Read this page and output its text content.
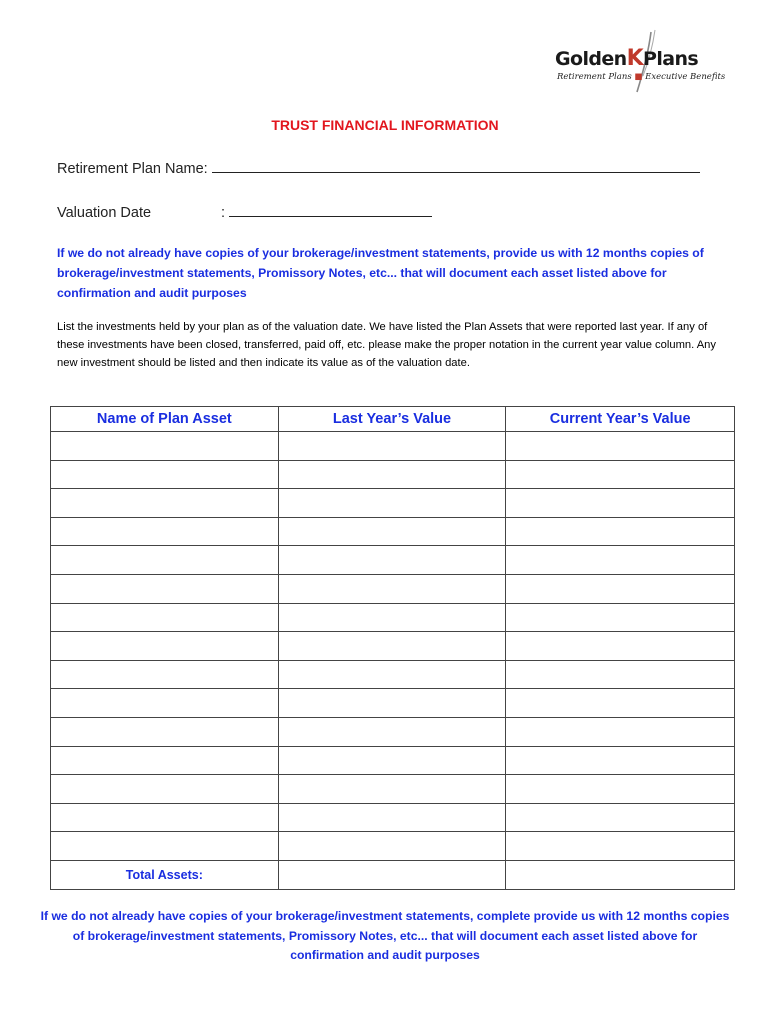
GoldenKPlans
Retirement Plans ■ Executive Benefits
TRUST FINANCIAL INFORMATION
Retirement Plan Name:
Valuation Date	:
If we do not already have copies of your brokerage/investment statements, provide us with 12 months copies of brokerage/investment statements, Promissory Notes, etc... that will document each asset listed above for confirmation and audit purposes
List the investments held by your plan as of the valuation date. We have listed the Plan Assets that were reported last year. If any of these investments have been closed, transferred, paid off, etc. please make the proper notation in the current year value column. Any new investment should be listed and then indicate its value as of the valuation date.
Name of Plan Asset	Last Year’s Value	Current Year’s Value

Total Assets:		
If we do not already have copies of your brokerage/investment statements, complete provide us with 12 months copies of brokerage/investment statements, Promissory Notes, etc... that will document each asset listed above for confirmation and audit purposes
